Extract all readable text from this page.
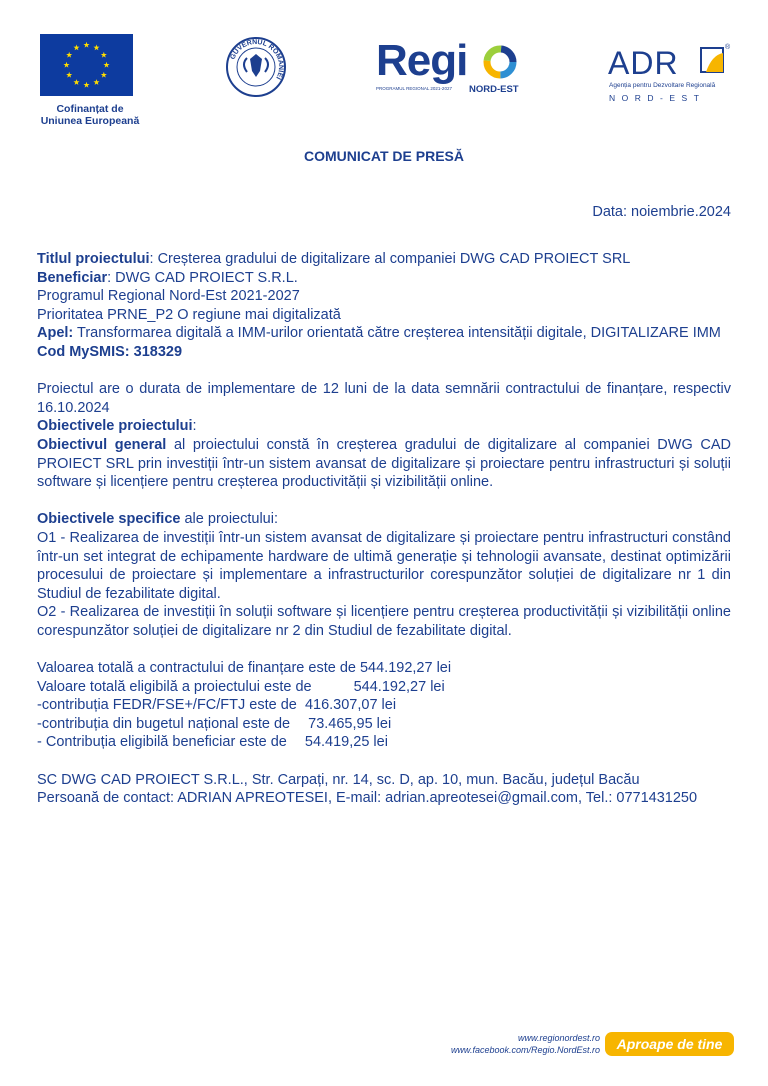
Cofinanțat de
Uniunea Europeană
GUVERNUL ROMÂNIEI Regi
PROGRAMUL REGIONAL 2021-2027 NORD-EST
ADR	®
Agenția pentru Dezvoltare Regională
NORD-EST
COMUNICAT DE PRESĂ
Data: noiembrie.2024

Titlul proiectului: Creșterea gradului de digitalizare al companiei DWG CAD PROIECT SRL

Beneficiar: DWG CAD PROIECT S.R.L.

Programul Regional Nord-Est 2021-2027

Prioritatea PRNE_P2 O regiune mai digitalizată

Apel: Transformarea digitală a IMM-urilor orientată către creșterea intensității digitale, DIGITALIZARE IMM

Cod MySMIS: 318329

Proiectul are o durata de implementare de 12 luni de la data semnării contractului de finanțare, respectiv 16.10.2024

Obiectivele proiectului:

Obiectivul general al proiectului constă în creșterea gradului de digitalizare al companiei DWG CAD PROIECT SRL prin investiții într-un sistem avansat de digitalizare și proiectare pentru infrastructuri și soluții software și licențiere pentru creșterea productivității și vizibilității online.

Obiectivele specifice ale proiectului:

O1 - Realizarea de investiții într-un sistem avansat de digitalizare și proiectare pentru infrastructuri constând într-un set integrat de echipamente hardware de ultimă generație și tehnologii avansate, destinat optimizării procesului de proiectare și implementare a infrastructurilor corespunzător soluției de digitalizare nr 1 din Studiul de fezabilitate digital.

O2 - Realizarea de investiții în soluții software și licențiere pentru creșterea productivității și vizibilității online corespunzător soluției de digitalizare nr 2 din Studiul de fezabilitate digital.

Valoarea totală a contractului de finanțare este de 544.192,27 lei
Valoare totală eligibilă a proiectului este de	544.192,27 lei
-contribuția FEDR/FSE+/FC/FTJ este de 416.307,07 lei
-contribuția din bugetul național este de 73.465,95 lei
- Contribuția eligibilă beneficiar este de 54.419,25 lei

SC DWG CAD PROIECT S.R.L., Str. Carpați, nr. 14, sc. D, ap. 10, mun. Bacău, județul Bacău

Persoană de contact: ADRIAN APREOTESEI, E-mail: adrian.apreotesei@gmail.com, Tel.: 0771431250

www.regionordest.ro
www.facebook.com/Regio.NordEst.ro	Aproape de tine
